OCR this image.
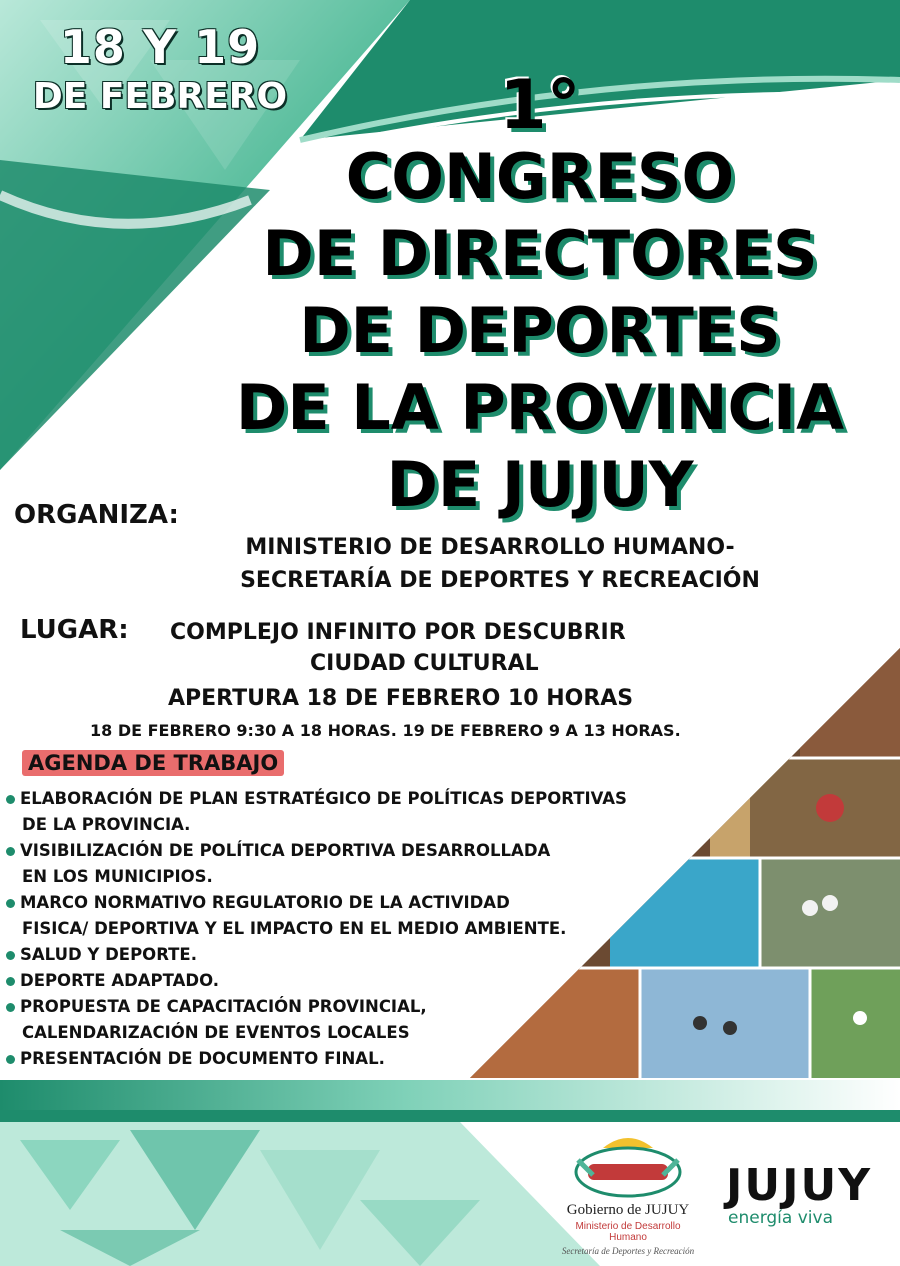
18 Y 19
DE FEBRERO	1°
CONGRESO
DE DIRECTORES
DE DEPORTES
DE LA PROVINCIA
DE JUJUY
ORGANIZA:
MINISTERIO DE DESARROLLO HUMANO-
SECRETARÍA DE DEPORTES Y RECREACIÓN
LUGAR: COMPLEJO INFINITO POR DESCUBRIR
CIUDAD CULTURAL
APERTURA 18 DE FEBRERO 10 HORAS
18 DE FEBRERO 9:30 A 18 HORAS. 19 DE FEBRERO 9 A 13 HORAS.
AGENDA DE TRABAJO
ELABORACIÓN DE PLAN ESTRATÉGICO DE POLÍTICAS DEPORTIVAS
DE LA PROVINCIA.
VISIBILIZACIÓN DE POLÍTICA DEPORTIVA DESARROLLADA
EN LOS MUNICIPIOS.
MARCO NORMATIVO REGULATORIO DE LA ACTIVIDAD
FISICA/ DEPORTIVA Y EL IMPACTO EN EL MEDIO AMBIENTE.
SALUD Y DEPORTE.
DEPORTE ADAPTADO.
PROPUESTA DE CAPACITACIÓN PROVINCIAL,
CALENDARIZACIÓN DE EVENTOS LOCALES
PRESENTACIÓN DE DOCUMENTO FINAL.
Gobierno de JUJUY
Ministerio de Desarrollo
Humano
Secretaría de Deportes y Recreación
JUJUY
energía viva
